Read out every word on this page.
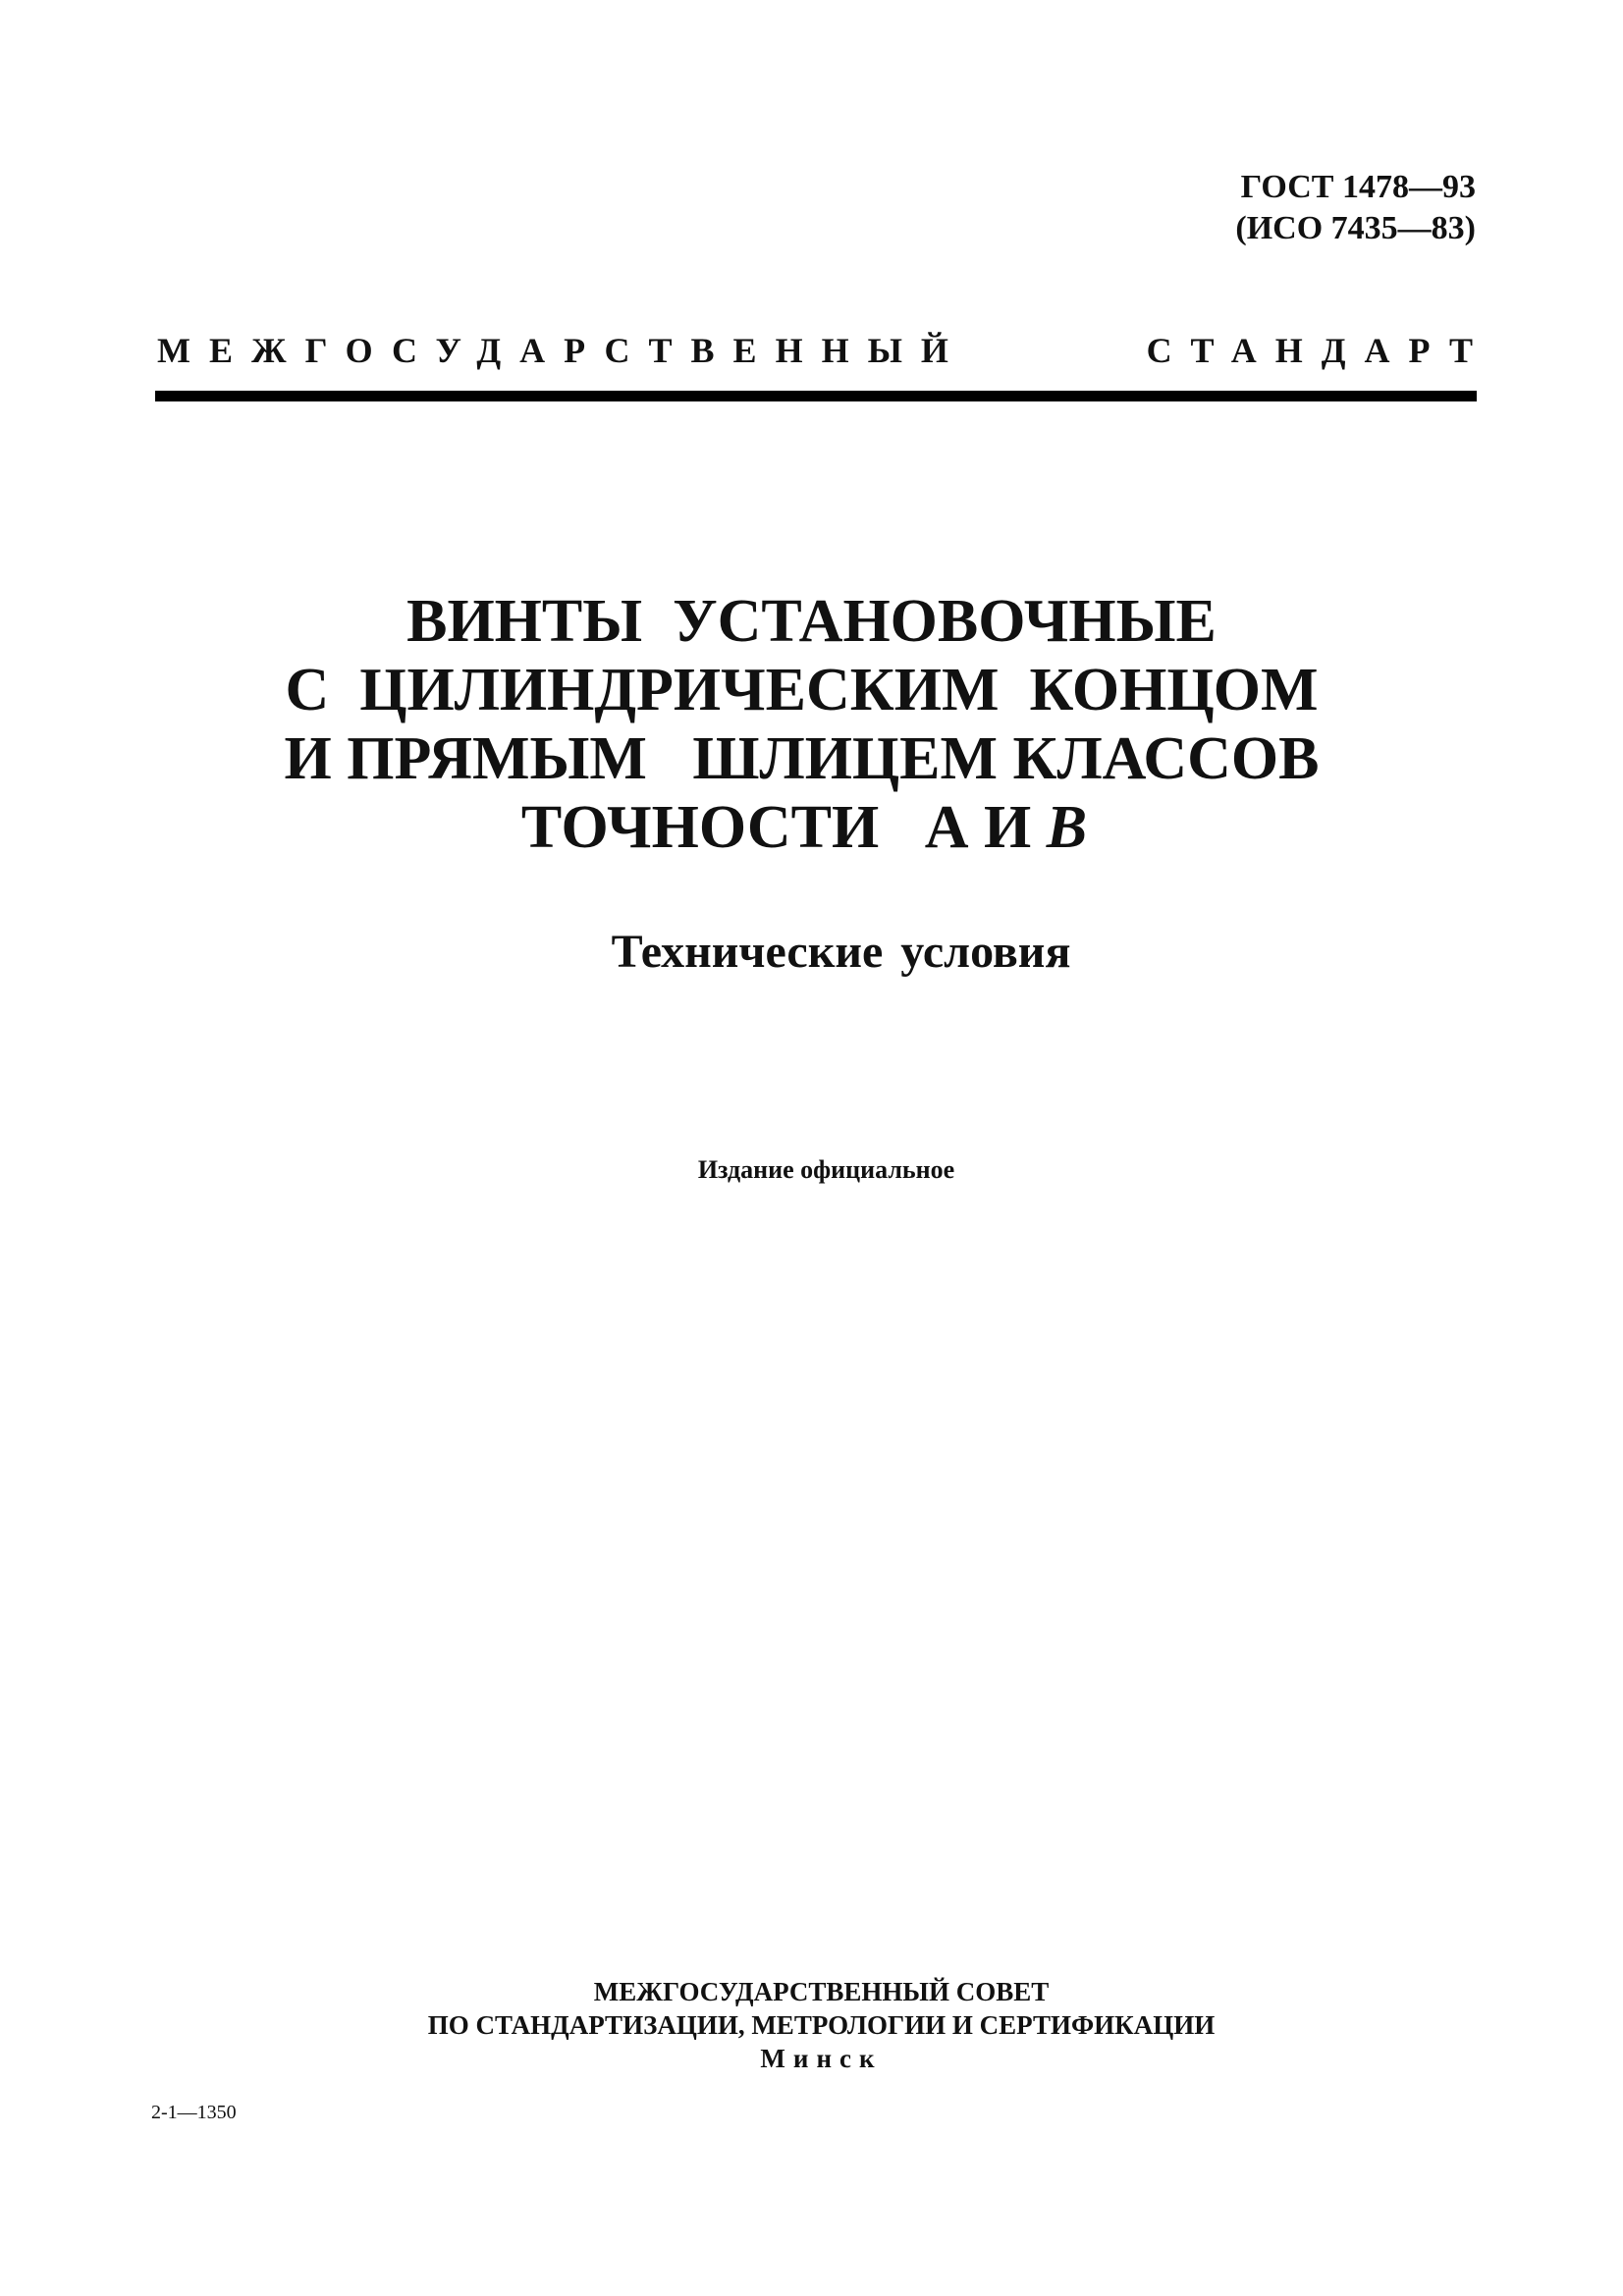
ГОСТ 1478—93
(ИСО 7435—83)
МЕЖГОСУДАРСТВЕННЫЙ	СТАНДАРТ
ВИНТЫ  УСТАНОВОЧНЫЕ
С  ЦИЛИНДРИЧЕСКИМ  КОНЦОМ
И ПРЯМЫМ   ШЛИЦЕМ КЛАССОВ
ТОЧНОСТИ   А И В
Технические условия
Издание официальное
МЕЖГОСУДАРСТВЕННЫЙ СОВЕТ
ПО СТАНДАРТИЗАЦИИ, МЕТРОЛОГИИ И СЕРТИФИКАЦИИ
Минск
2-1—1350
